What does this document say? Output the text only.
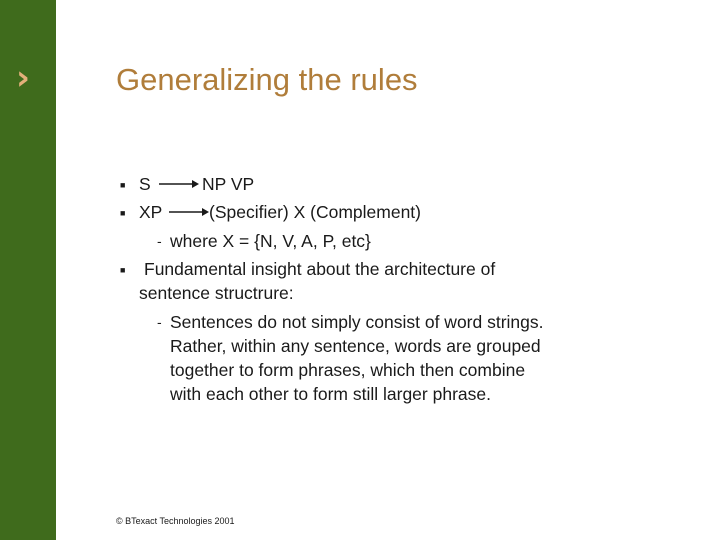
›	Generalizing the rules
■ S	NP VP
■ XP	(Specifier) X (Complement)
- where X = {N, V, A, P, etc}
■ Fundamental insight about the architecture of
sentence structrure:
- Sentences do not simply consist of word strings.
Rather, within any sentence, words are grouped
together to form phrases, which then combine
with each other to form still larger phrase.
© BTexact Technologies 2001
